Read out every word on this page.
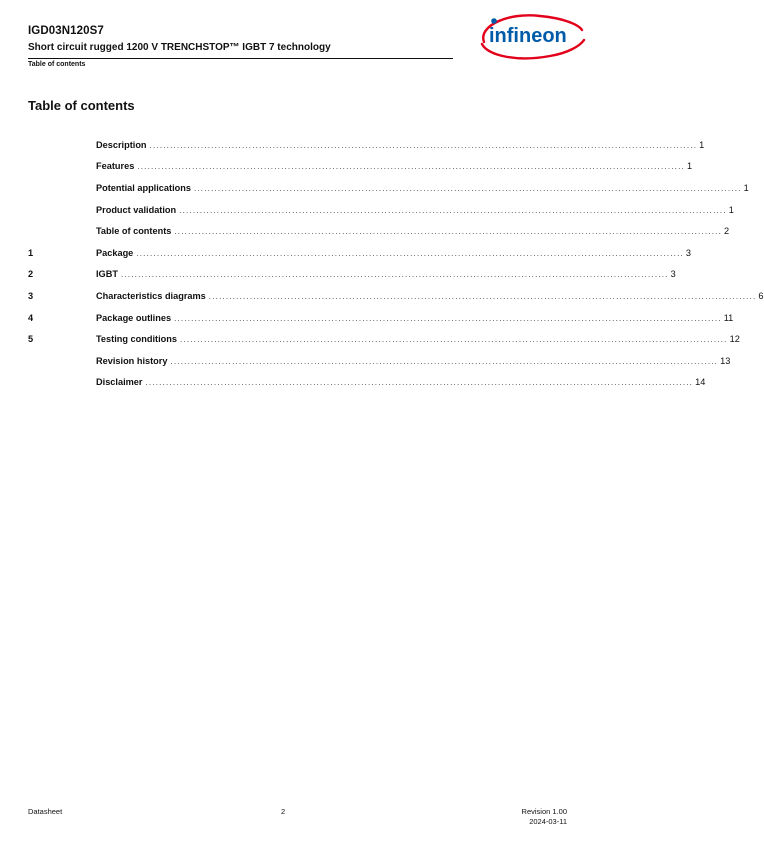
IGD03N120S7
Short circuit rugged 1200 V TRENCHSTOP™ IGBT 7 technology
Table of contents
infineon
Table of contents
Description ................................................................................................................................................................ 1
Features ................................................................................................................................................................ 1
Potential applications ................................................................................................................................................................ 1
Product validation ................................................................................................................................................................ 1
Table of contents ................................................................................................................................................................ 2
1	Package ................................................................................................................................................................ 3
2	IGBT ................................................................................................................................................................ 3
3	Characteristics diagrams ................................................................................................................................................................ 6
4	Package outlines ................................................................................................................................................................ 11
5	Testing conditions ................................................................................................................................................................ 12
Revision history ................................................................................................................................................................ 13
Disclaimer ................................................................................................................................................................ 14
Datasheet	2	Revision 1.00
2024-03-11
